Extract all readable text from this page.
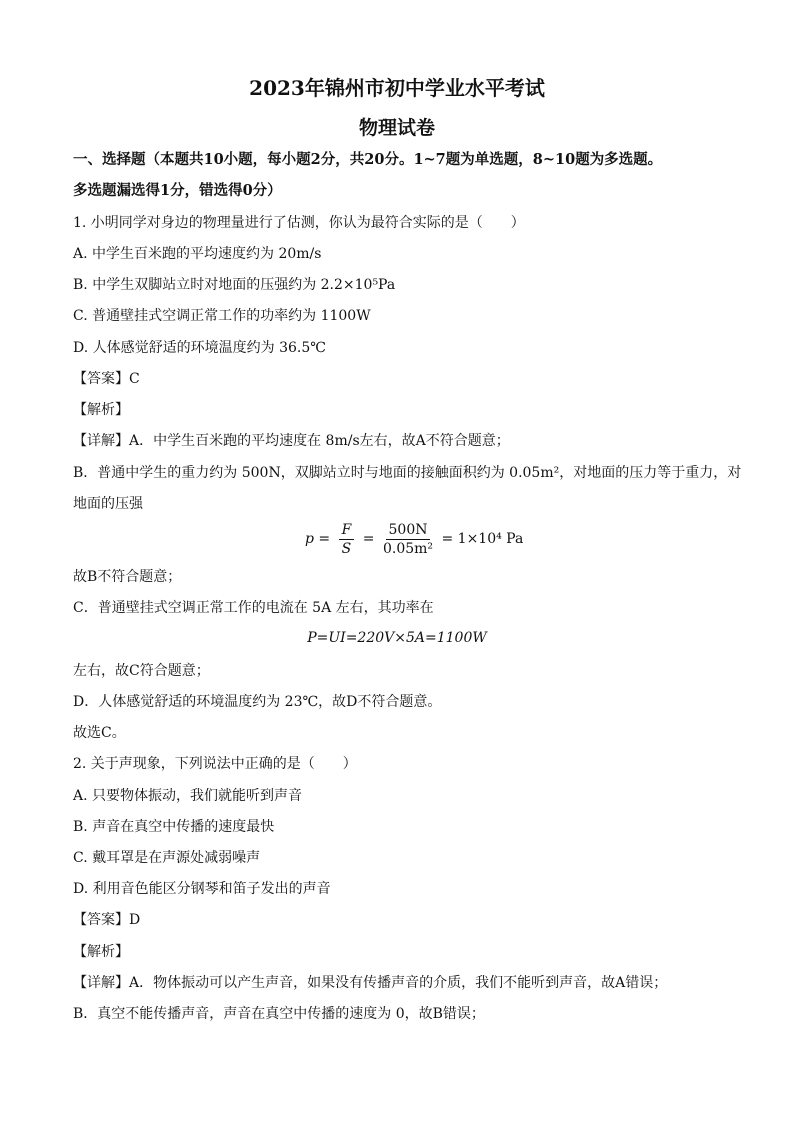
2023年锦州市初中学业水平考试
物理试卷
一、选择题（本题共10小题，每小题2分，共20分。1~7题为单选题，8~10题为多选题。
多选题漏选得1分，错选得0分）
1. 小明同学对身边的物理量进行了估测，你认为最符合实际的是（　　）
A. 中学生百米跑的平均速度约为 20m/s
B. 中学生双脚站立时对地面的压强约为 2.2×10⁵Pa
C. 普通壁挂式空调正常工作的功率约为 1100W
D. 人体感觉舒适的环境温度约为 36.5℃
【答案】C
【解析】
【详解】A．中学生百米跑的平均速度在 8m/s左右，故A不符合题意；
B．普通中学生的重力约为 500N，双脚站立时与地面的接触面积约为 0.05m²，对地面的压力等于重力，对
地面的压强
$p = \frac{F}{S} = \frac{500N}{\text{0.05m²}} = 1\times 10^4$ Pa
故B不符合题意；
C．普通壁挂式空调正常工作的电流在 5A 左右，其功率在
P=UI=220V×5A=1100W
左右，故C符合题意；
D．人体感觉舒适的环境温度约为 23℃，故D不符合题意。
故选C。
2. 关于声现象，下列说法中正确的是（　　）
A. 只要物体振动，我们就能听到声音
B. 声音在真空中传播的速度最快
C. 戴耳罩是在声源处减弱噪声
D. 利用音色能区分钢琴和笛子发出的声音
【答案】D
【解析】
【详解】A．物体振动可以产生声音，如果没有传播声音的介质，我们不能听到声音，故A错误；
B．真空不能传播声音，声音在真空中传播的速度为 0，故B错误；
